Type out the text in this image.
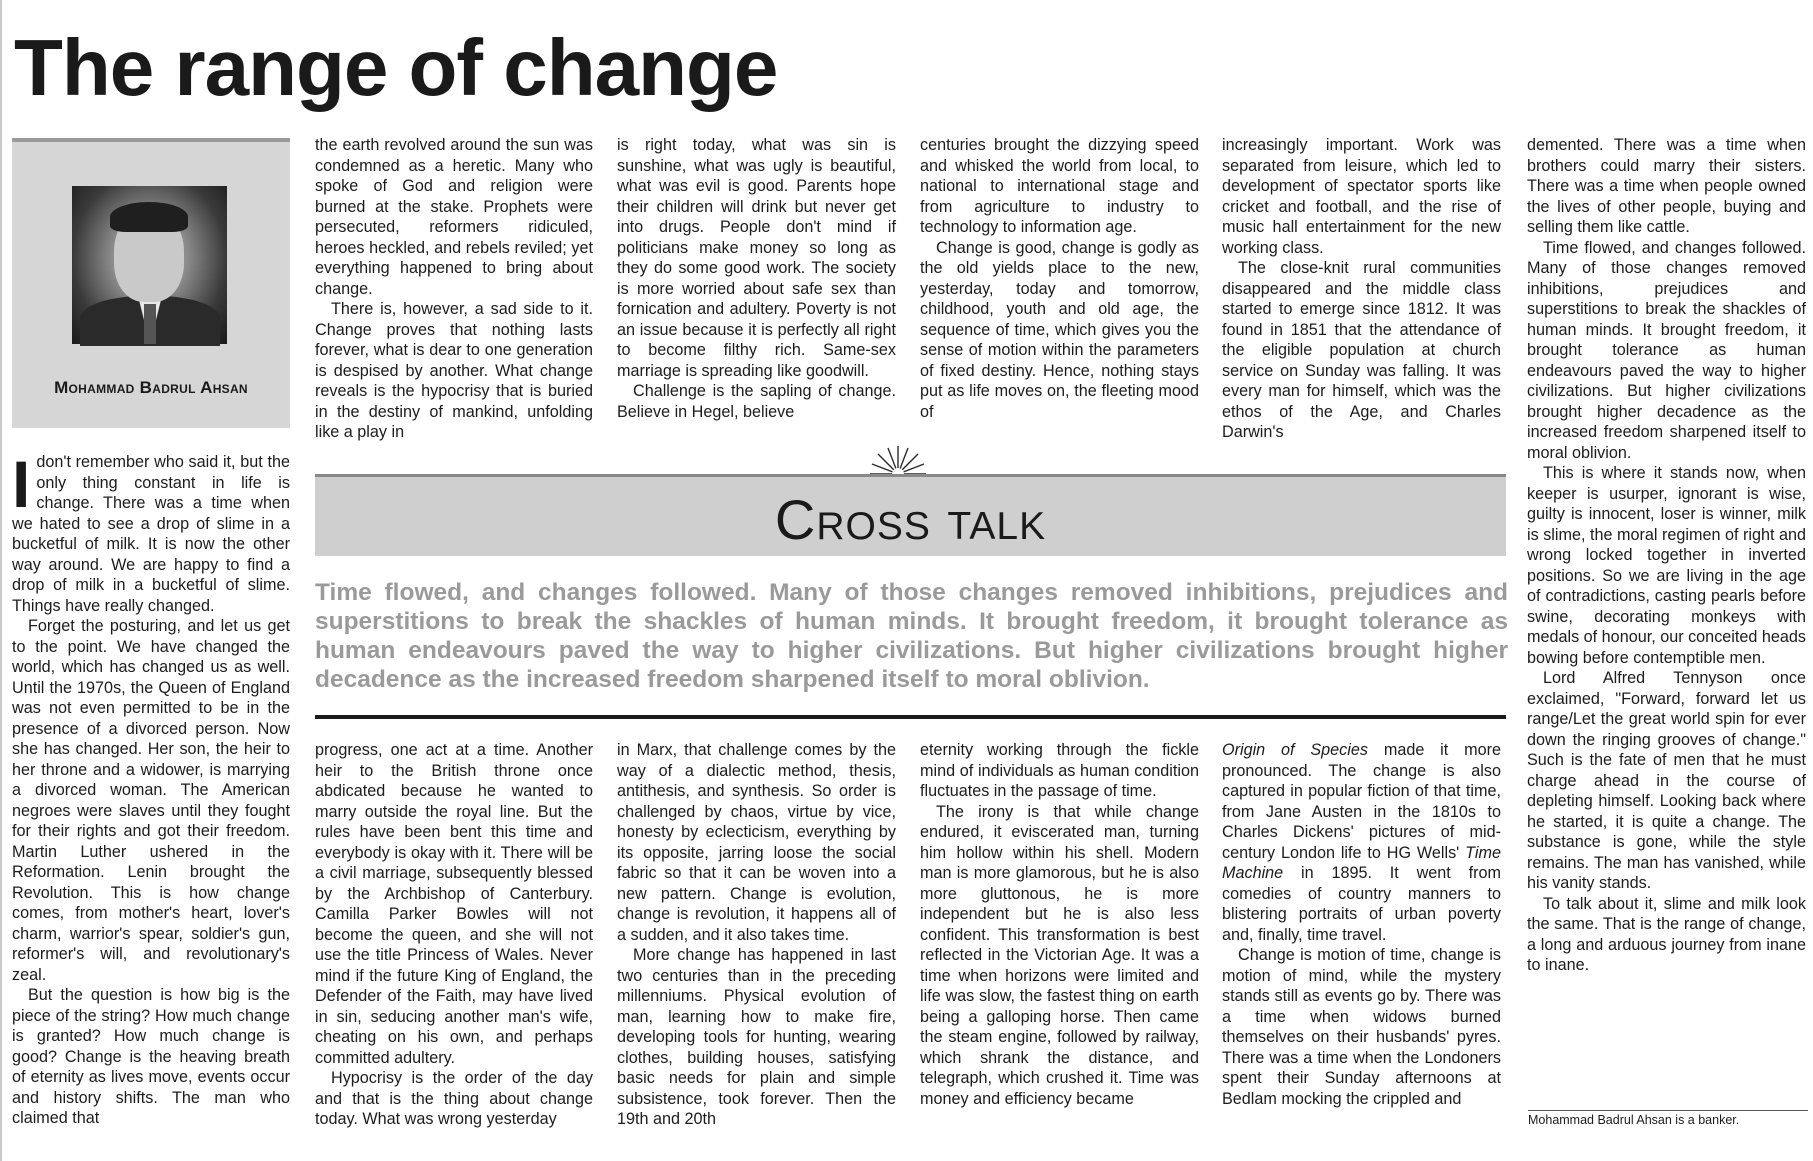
The range of change
Mohammad Badrul Ahsan

Idon't remember who said it, but the only thing constant in life is change. There was a time when we hated to see a drop of slime in a bucketful of milk. It is now the other way around. We are happy to find a drop of milk in a bucketful of slime. Things have really changed.

Forget the posturing, and let us get to the point. We have changed the world, which has changed us as well. Until the 1970s, the Queen of England was not even permitted to be in the presence of a divorced person. Now she has changed. Her son, the heir to her throne and a widower, is marrying a divorced woman. The American negroes were slaves until they fought for their rights and got their freedom. Martin Luther ushered in the Reformation. Lenin brought the Revolution. This is how change comes, from mother's heart, lover's charm, warrior's spear, soldier's gun, reformer's will, and revolutionary's zeal.

But the question is how big is the piece of the string? How much change is granted? How much change is good? Change is the heaving breath of eternity as lives move, events occur and history shifts. The man who claimed that

the earth revolved around the sun was condemned as a heretic. Many who spoke of God and religion were burned at the stake. Prophets were persecuted, reformers ridiculed, heroes heckled, and rebels reviled; yet everything happened to bring about change.

There is, however, a sad side to it. Change proves that nothing lasts forever, what is dear to one generation is despised by another. What change reveals is the hypocrisy that is buried in the destiny of mankind, unfolding like a play in

is right today, what was sin is sunshine, what was ugly is beautiful, what was evil is good. Parents hope their children will drink but never get into drugs. People don't mind if politicians make money so long as they do some good work. The society is more worried about safe sex than fornication and adultery. Poverty is not an issue because it is perfectly all right to become filthy rich. Same-sex marriage is spreading like goodwill.

Challenge is the sapling of change. Believe in Hegel, believe

centuries brought the dizzying speed and whisked the world from local, to national to international stage and from agriculture to industry to technology to information age.

Change is good, change is godly as the old yields place to the new, yesterday, today and tomorrow, childhood, youth and old age, the sequence of time, which gives you the sense of motion within the parameters of fixed destiny. Hence, nothing stays put as life moves on, the fleeting mood of

increasingly important. Work was separated from leisure, which led to development of spectator sports like cricket and football, and the rise of music hall entertainment for the new working class.

The close-knit rural communities disappeared and the middle class started to emerge since 1812. It was found in 1851 that the attendance of the eligible population at church service on Sunday was falling. It was every man for himself, which was the ethos of the Age, and Charles Darwin's

demented. There was a time when brothers could marry their sisters. There was a time when people owned the lives of other people, buying and selling them like cattle.

Time flowed, and changes followed. Many of those changes removed inhibitions, prejudices and superstitions to break the shackles of human minds. It brought freedom, it brought tolerance as human endeavours paved the way to higher civilizations. But higher civilizations brought higher decadence as the increased freedom sharpened itself to moral oblivion.

This is where it stands now, when keeper is usurper, ignorant is wise, guilty is innocent, loser is winner, milk is slime, the moral regimen of right and wrong locked together in inverted positions. So we are living in the age of contradictions, casting pearls before swine, decorating monkeys with medals of honour, our conceited heads bowing before contemptible men.

Lord Alfred Tennyson once exclaimed, "Forward, forward let us range/Let the great world spin for ever down the ringing grooves of change." Such is the fate of men that he must charge ahead in the course of depleting himself. Looking back where he started, it is quite a change. The substance is gone, while the style remains. The man has vanished, while his vanity stands.

To talk about it, slime and milk look the same. That is the range of change, a long and arduous journey from inane to inane.

Cross talk
Time flowed, and changes followed. Many of those changes removed inhibitions, prejudices and superstitions to break the shackles of human minds. It brought freedom, it brought tolerance as human endeavours paved the way to higher civilizations. But higher civilizations brought higher decadence as the increased freedom sharpened itself to moral oblivion.

progress, one act at a time. Another heir to the British throne once abdicated because he wanted to marry outside the royal line. But the rules have been bent this time and everybody is okay with it. There will be a civil marriage, subsequently blessed by the Archbishop of Canterbury. Camilla Parker Bowles will not become the queen, and she will not use the title Princess of Wales. Never mind if the future King of England, the Defender of the Faith, may have lived in sin, seducing another man's wife, cheating on his own, and perhaps committed adultery.

Hypocrisy is the order of the day and that is the thing about change today. What was wrong yesterday

in Marx, that challenge comes by the way of a dialectic method, thesis, antithesis, and synthesis. So order is challenged by chaos, virtue by vice, honesty by eclecticism, everything by its opposite, jarring loose the social fabric so that it can be woven into a new pattern. Change is evolution, change is revolution, it happens all of a sudden, and it also takes time.

More change has happened in last two centuries than in the preceding millenniums. Physical evolution of man, learning how to make fire, developing tools for hunting, wearing clothes, building houses, satisfying basic needs for plain and simple subsistence, took forever. Then the 19th and 20th

eternity working through the fickle mind of individuals as human condition fluctuates in the passage of time.

The irony is that while change endured, it eviscerated man, turning him hollow within his shell. Modern man is more glamorous, but he is also more gluttonous, he is more independent but he is also less confident. This transformation is best reflected in the Victorian Age. It was a time when horizons were limited and life was slow, the fastest thing on earth being a galloping horse. Then came the steam engine, followed by railway, which shrank the distance, and telegraph, which crushed it. Time was money and efficiency became

Origin of Species made it more pronounced. The change is also captured in popular fiction of that time, from Jane Austen in the 1810s to Charles Dickens' pictures of mid-century London life to HG Wells' Time Machine in 1895. It went from comedies of country manners to blistering portraits of urban poverty and, finally, time travel.

Change is motion of time, change is motion of mind, while the mystery stands still as events go by. There was a time when widows burned themselves on their husbands' pyres. There was a time when the Londoners spent their Sunday afternoons at Bedlam mocking the crippled and

Mohammad Badrul Ahsan is a banker.
